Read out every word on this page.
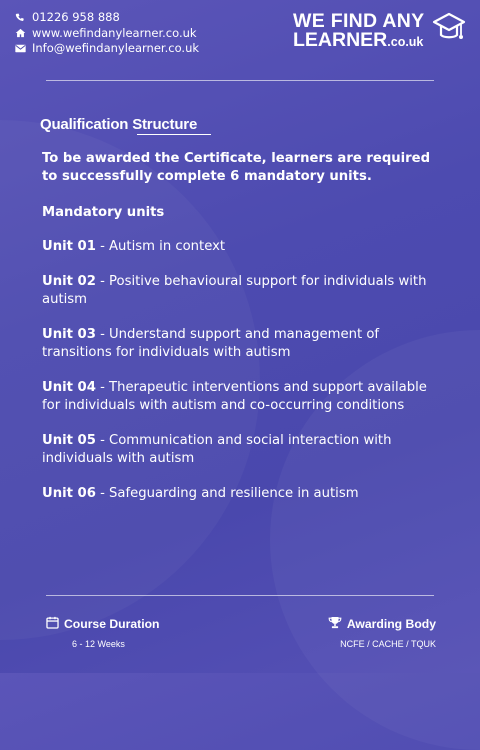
01226 958 888
www.wefindanylearner.co.uk
Info@wefindanylearner.co.uk
WE FIND ANY
LEARNER.co.uk
Qualification Structure

To be awarded the Certificate, learners are required to successfully complete 6 mandatory units.

Mandatory units

Unit 01 - Autism in context

Unit 02 - Positive behavioural support for individuals with autism

Unit 03 - Understand support and management of transitions for individuals with autism

Unit 04 - Therapeutic interventions and support available for individuals with autism and co-occurring conditions

Unit 05 - Communication and social interaction with individuals with autism

Unit 06 - Safeguarding and resilience in autism

Course Duration
6 - 12 Weeks
Awarding Body
NCFE / CACHE / TQUK
